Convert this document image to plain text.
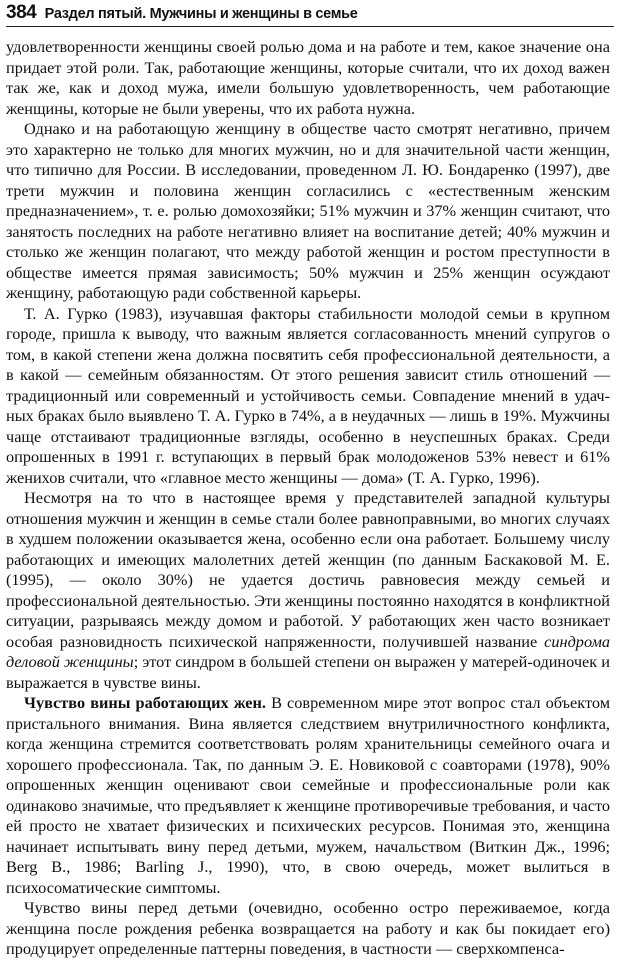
384 Раздел пятый. Мужчины и женщины в семье

удовлетворенности женщины своей ролью дома и на работе и тем, какое значение она придает этой роли. Так, работающие женщины, которые считали, что их доход важен так же, как и доход мужа, имели большую удовлетворенность, чем работающие женщины, которые не были уверены, что их работа нужна.

Однако и на работающую женщину в обществе часто смотрят негативно, причем это характерно не только для многих мужчин, но и для значительной части женщин, что типично для России. В исследовании, проведенном Л. Ю. Бондаренко (1997), две трети мужчин и половина женщин согласились с «естественным женским предназначением», т. е. ролью домохозяйки; 51% мужчин и 37% женщин считают, что занятость последних на работе негативно влияет на воспитание детей; 40% мужчин и столько же женщин полагают, что между работой женщин и ростом преступности в обществе имеется прямая зависимость; 50% мужчин и 25% женщин осуждают женщину, работающую ради собственной карьеры.

Т. А. Гурко (1983), изучавшая факторы стабильности молодой семьи в крупном городе, пришла к выводу, что важным является согласованность мнений супругов о том, в какой степени жена должна посвятить себя профессиональной деятельности, а в какой — семейным обязанностям. От этого решения зависит стиль отношений — традиционный или современный и устойчивость семьи. Совпадение мнений в удачных браках было выявлено Т. А. Гурко в 74%, а в неудачных — лишь в 19%. Мужчины чаще отстаивают традиционные взгляды, особенно в неуспешных браках. Среди опрошенных в 1991 г. вступающих в первый брак молодоженов 53% невест и 61% женихов считали, что «главное место женщины — дома» (Т. А. Гурко, 1996).

Несмотря на то что в настоящее время у представителей западной культуры отношения мужчин и женщин в семье стали более равноправными, во многих случаях в худшем положении оказывается жена, особенно если она работает. Большему числу работающих и имеющих малолетних детей женщин (по данным Баскаковой М. Е. (1995), — около 30%) не удается достичь равновесия между семьей и профессиональной деятельностью. Эти женщины постоянно находятся в конфликтной ситуации, разрываясь между домом и работой. У работающих жен часто возникает особая разновидность психической напряженности, получившей название синдрома деловой женщины; этот синдром в большей степени он выражен у матерей-одиночек и выражается в чувстве вины.

Чувство вины работающих жен. В современном мире этот вопрос стал объектом пристального внимания. Вина является следствием внутриличностного конфликта, когда женщина стремится соответствовать ролям хранительницы семейного очага и хорошего профессионала. Так, по данным Э. Е. Новиковой с соавторами (1978), 90% опрошенных женщин оценивают свои семейные и профессиональные роли как одинаково значимые, что предъявляет к женщине противоречивые требования, и часто ей просто не хватает физических и психических ресурсов. Понимая это, женщина начинает испытывать вину перед детьми, мужем, начальством (Виткин Дж., 1996; Berg B., 1986; Barling J., 1990), что, в свою очередь, может вылиться в психосоматические симптомы.

Чувство вины перед детьми (очевидно, особенно остро переживаемое, когда женщина после рождения ребенка возвращается на работу и как бы покидает его) продуцирует определенные паттерны поведения, в частности — сверхкомпенса-
